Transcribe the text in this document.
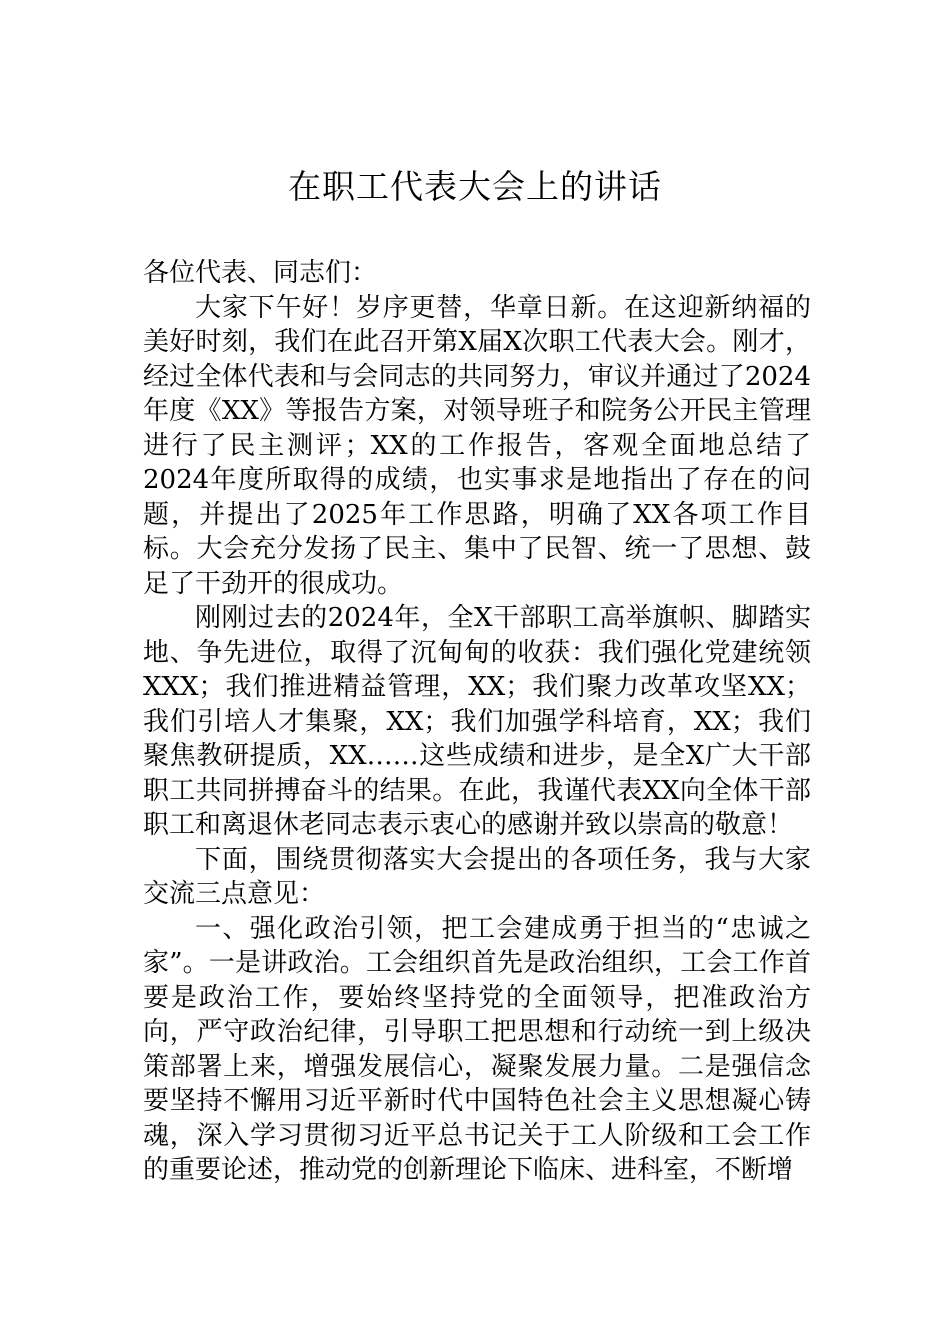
在职工代表大会上的讲话

各位代表、同志们：

大家下午好！岁序更替，华章日新。在这迎新纳福的美好时刻，我们在此召开第X届X次职工代表大会。刚才，经过全体代表和与会同志的共同努力，审议并通过了2024年度《XX》等报告方案，对领导班子和院务公开民主管理进行了民主测评；XX的工作报告，客观全面地总结了2024年度所取得的成绩，也实事求是地指出了存在的问题，并提出了2025年工作思路，明确了XX各项工作目标。大会充分发扬了民主、集中了民智、统一了思想、鼓足了干劲开的很成功。

刚刚过去的2024年，全X干部职工高举旗帜、脚踏实地、争先进位，取得了沉甸甸的收获：我们强化党建统领XXX；我们推进精益管理，XX；我们聚力改革攻坚XX；我们引培人才集聚，XX；我们加强学科培育，XX；我们聚焦教研提质，XX……这些成绩和进步，是全X广大干部职工共同拼搏奋斗的结果。在此，我谨代表XX向全体干部职工和离退休老同志表示衷心的感谢并致以崇高的敬意！

下面，围绕贯彻落实大会提出的各项任务，我与大家交流三点意见：

一、强化政治引领，把工会建成勇于担当的“忠诚之家”。一是讲政治。工会组织首先是政治组织，工会工作首要是政治工作，要始终坚持党的全面领导，把准政治方向，严守政治纪律，引导职工把思想和行动统一到上级决策部署上来，增强发展信心，凝聚发展力量。二是强信念要坚持不懈用习近平新时代中国特色社会主义思想凝心铸魂，深入学习贯彻习近平总书记关于工人阶级和工会工作的重要论述，推动党的创新理论下临床、进科室，不断增
